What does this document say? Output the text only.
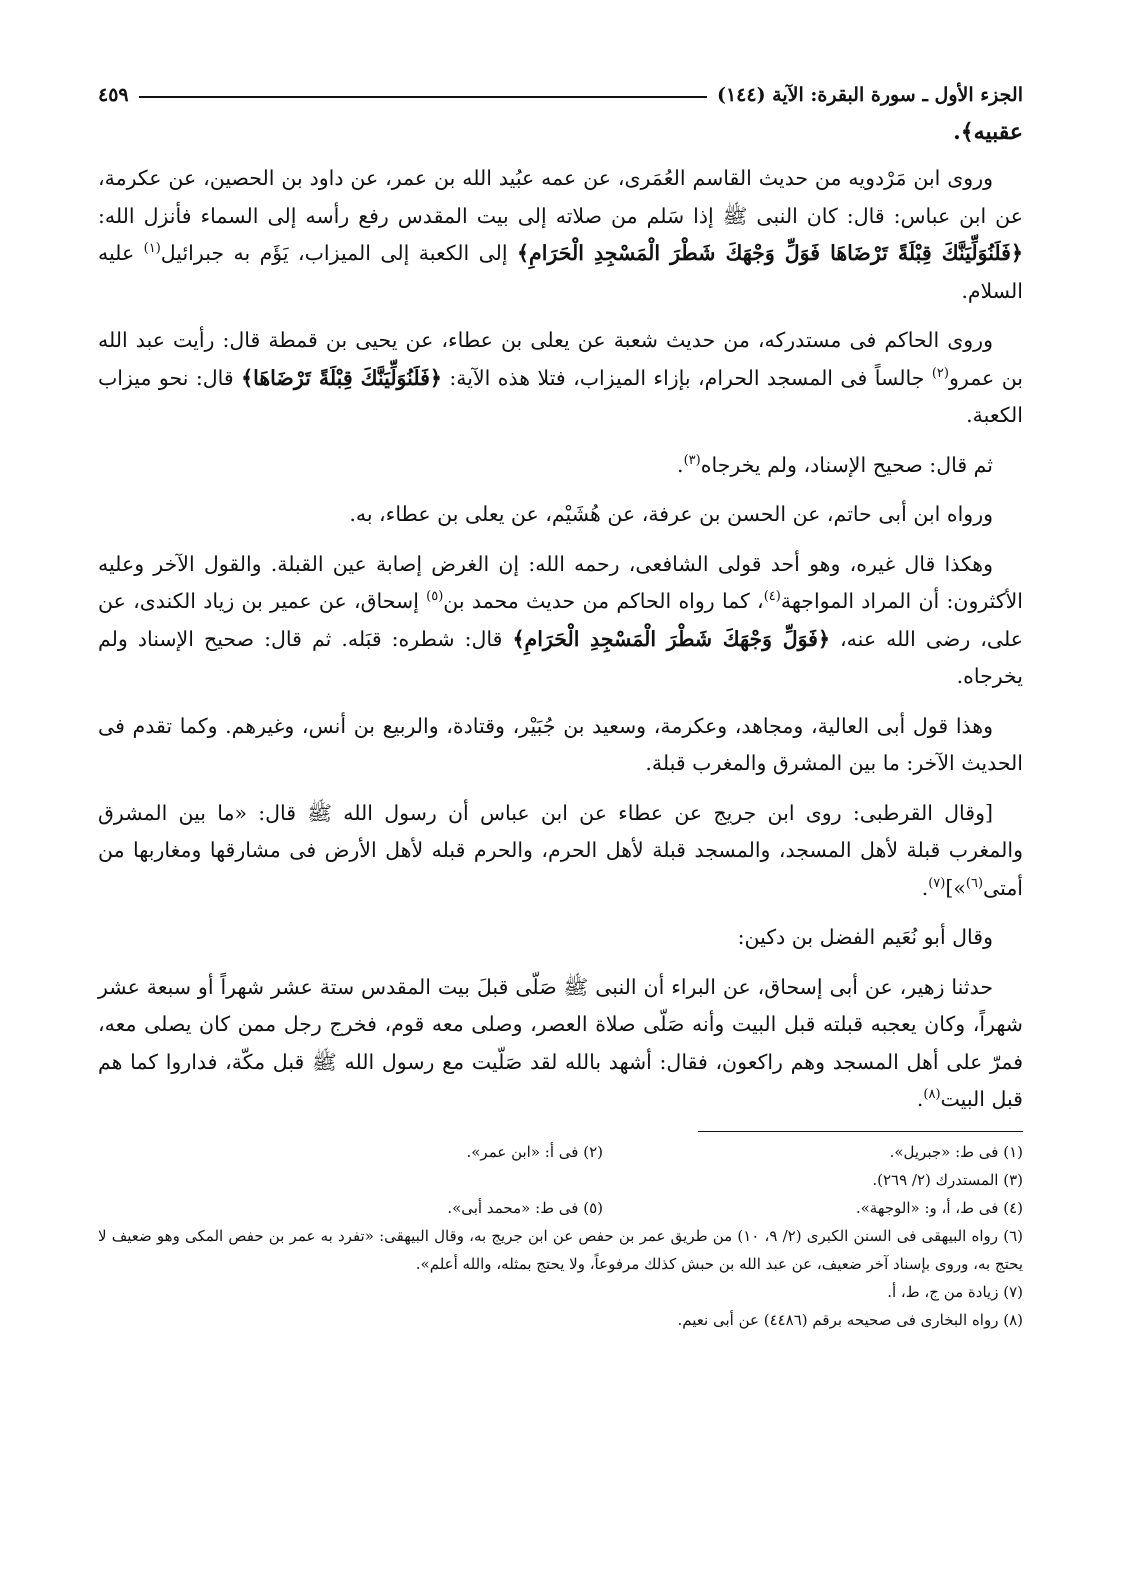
الجزء الأول ـ سورة البقرة: الآية (١٤٤)
٤٥٩
عقبيه﴾.

وروى ابن مَرْدويه من حديث القاسم العُمَرى، عن عمه عبُيد الله بن عمر، عن داود بن الحصين، عن عكرمة، عن ابن عباس: قال: كان النبى ﷺ إذا سَلم من صلاته إلى بيت المقدس رفع رأسه إلى السماء فأنزل الله: ﴿فَلَنُوَلِّيَنَّكَ قِبْلَةً تَرْضَاهَا فَوَلِّ وَجْهَكَ شَطْرَ الْمَسْجِدِ الْحَرَامِ﴾ إلى الكعبة إلى الميزاب، يَؤَم به جبرائيل$^{(١)}$ عليه السلام.

وروى الحاكم فى مستدركه، من حديث شعبة عن يعلى بن عطاء، عن يحيى بن قمطة قال: رأيت عبد الله بن عمرو$^{(٢)}$ جالساً فى المسجد الحرام، بإزاء الميزاب، فتلا هذه الآية: ﴿فَلَنُوَلِّيَنَّكَ قِبْلَةً تَرْضَاهَا﴾ قال: نحو ميزاب الكعبة.

ثم قال: صحيح الإسناد، ولم يخرجاه$^{(٣)}$.

ورواه ابن أبى حاتم، عن الحسن بن عرفة، عن هُشَيْم، عن يعلى بن عطاء، به.

وهكذا قال غيره، وهو أحد قولى الشافعى، رحمه الله: إن الغرض إصابة عين القبلة. والقول الآخر وعليه الأكثرون: أن المراد المواجهة$^{(٤)}$، كما رواه الحاكم من حديث محمد بن$^{(٥)}$ إسحاق، عن عمير بن زياد الكندى، عن على، رضى الله عنه، ﴿فَوَلِّ وَجْهَكَ شَطْرَ الْمَسْجِدِ الْحَرَامِ﴾ قال: شطره: قبَله. ثم قال: صحيح الإسناد ولم يخرجاه.

وهذا قول أبى العالية، ومجاهد، وعكرمة، وسعيد بن جُبَيْر، وقتادة، والربيع بن أنس، وغيرهم. وكما تقدم فى الحديث الآخر: ما بين المشرق والمغرب قبلة.

[وقال القرطبى: روى ابن جريج عن عطاء عن ابن عباس أن رسول الله ﷺ قال: «ما بين المشرق والمغرب قبلة لأهل المسجد، والمسجد قبلة لأهل الحرم، والحرم قبله لأهل الأرض فى مشارقها ومغاربها من أمتى$^{(٦)}$»]$^{(٧)}$.

وقال أبو نُعَيم الفضل بن دكين:

حدثنا زهير، عن أبى إسحاق، عن البراء أن النبى ﷺ صَلّى قبلَ بيت المقدس ستة عشر شهراً أو سبعة عشر شهراً، وكان يعجبه قبلته قبل البيت وأنه صَلّى صلاة العصر، وصلى معه قوم، فخرج رجل ممن كان يصلى معه، فمرّ على أهل المسجد وهم راكعون، فقال: أشهد بالله لقد صَلّيت مع رسول الله ﷺ قبل مكّة، فداروا كما هم قبل البيت$^{(٨)}$.

(١) فى ط: «جبريل».
(٢) فى أ: «ابن عمر».
(٣) المستدرك (٢/ ٢٦٩).
(٤) فى ط، أ، و: «الوجهة».
(٥) فى ط: «محمد أبى».
(٦) رواه البيهقى فى السنن الكبرى (٢/ ٩، ١٠) من طريق عمر بن حفص عن ابن جريج به، وقال البيهقى: «تفرد به عمر بن حفص المكى وهو ضعيف لا يحتج به، وروى بإسناد آخر ضعيف، عن عبد الله بن حبش كذلك مرفوعاً، ولا يحتج بمثله، والله أعلم».
(٧) زيادة من ج، ط، أ.
(٨) رواه البخارى فى صحيحه برقم (٤٤٨٦) عن أبى نعيم.
